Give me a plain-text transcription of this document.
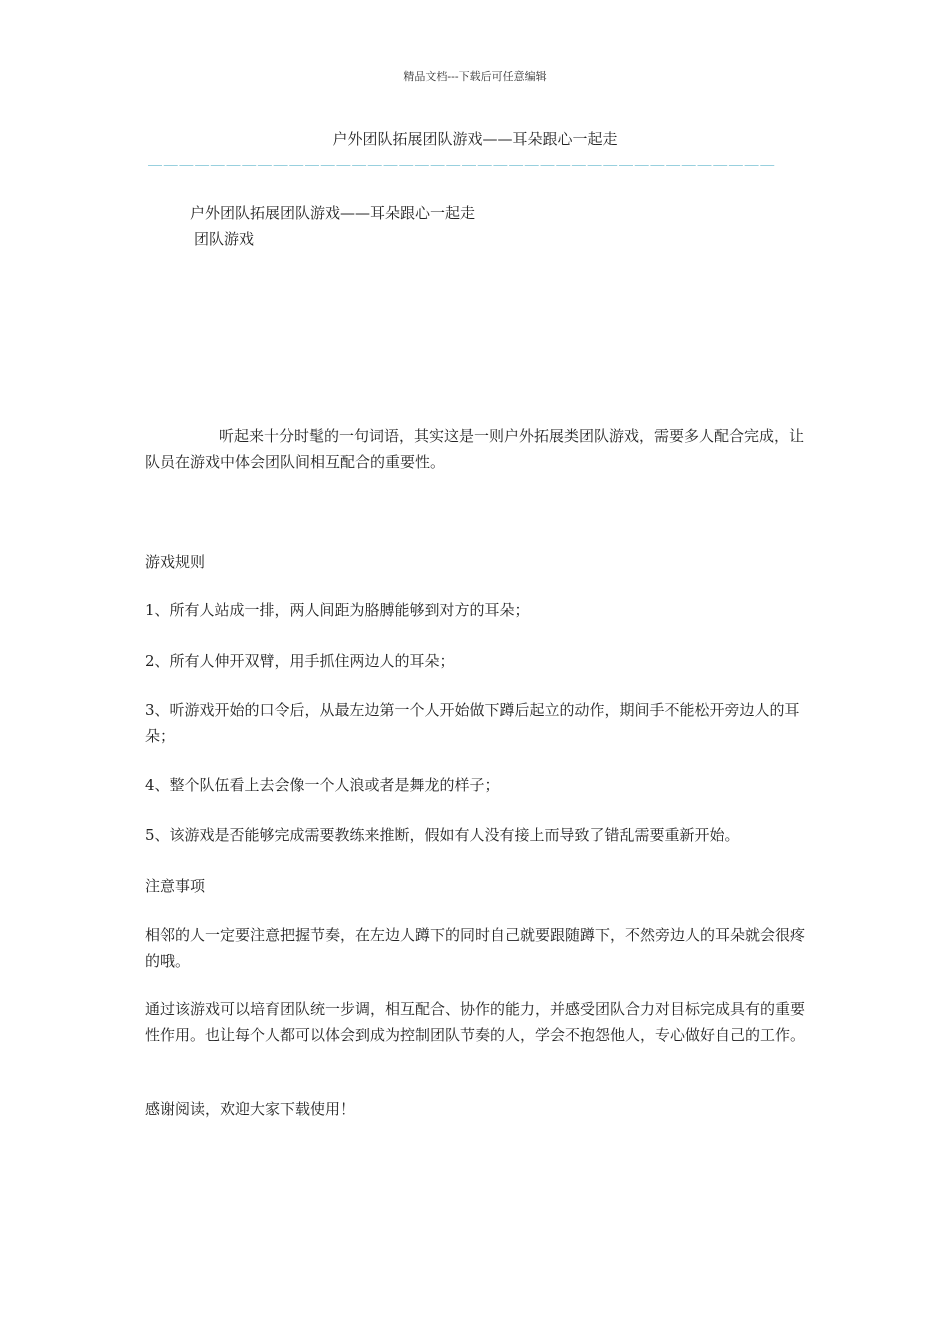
精品文档---下载后可任意编辑
户外团队拓展团队游戏——耳朵跟心一起走
＿＿＿＿＿＿＿＿＿＿＿＿＿＿＿＿＿＿＿＿＿＿＿＿＿＿＿＿＿＿＿＿＿＿＿＿＿＿＿＿
户外团队拓展团队游戏——耳朵跟心一起走
团队游戏
听起来十分时髦的一句词语，其实这是一则户外拓展类团队游戏，需要多人配合完成，让队员在游戏中体会团队间相互配合的重要性。
游戏规则
1、所有人站成一排，两人间距为胳膊能够到对方的耳朵；
2、所有人伸开双臂，用手抓住两边人的耳朵；
3、听游戏开始的口令后，从最左边第一个人开始做下蹲后起立的动作，期间手不能松开旁边人的耳朵；
4、整个队伍看上去会像一个人浪或者是舞龙的样子；
5、该游戏是否能够完成需要教练来推断，假如有人没有接上而导致了错乱需要重新开始。
注意事项
相邻的人一定要注意把握节奏，在左边人蹲下的同时自己就要跟随蹲下，不然旁边人的耳朵就会很疼的哦。
通过该游戏可以培育团队统一步调，相互配合、协作的能力，并感受团队合力对目标完成具有的重要性作用。也让每个人都可以体会到成为控制团队节奏的人，学会不抱怨他人，专心做好自己的工作。
感谢阅读，欢迎大家下载使用！
